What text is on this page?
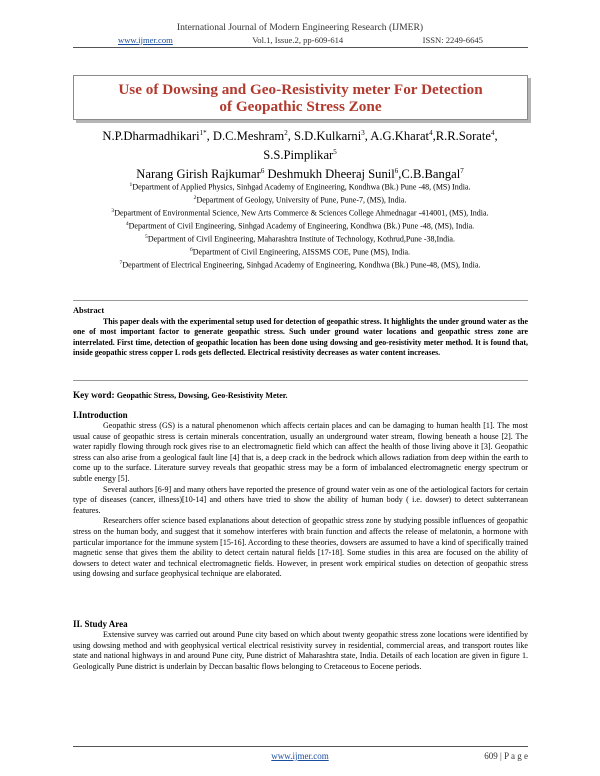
International Journal of Modern Engineering Research (IJMER)
www.ijmer.com	Vol.1, Issue.2, pp-609-614	ISSN: 2249-6645
Use of Dowsing and Geo-Resistivity meter For Detection of Geopathic Stress Zone
N.P.Dharmadhikari$^{1*}$, D.C.Meshram$^2$, S.D.Kulkarni$^3$, A.G.Kharat$^4$,R.R.Sorate$^4$,
S.S.Pimplikar$^5$
Narang Girish Rajkumar$^6$ Deshmukh Dheeraj Sunil$^6$,C.B.Bangal$^7$
$^1$Department of Applied Physics, Sinhgad Academy of Engineering, Kondhwa (Bk.) Pune -48, (MS) India.
$^2$Department of Geology, University of Pune, Pune-7, (MS), India.
$^3$Department of Environmental Science, New Arts Commerce & Sciences College Ahmednagar -414001, (MS), India.
$^4$Department of Civil Engineering, Sinhgad Academy of Engineering, Kondhwa (Bk.) Pune -48, (MS), India.
$^5$Department of Civil Engineering, Maharashtra Institute of Technology, Kothrud,Pune -38,India.
$^6$Department of Civil Engineering, AISSMS COE, Pune (MS), India.
$^7$Department of Electrical Engineering, Sinhgad Academy of Engineering, Kondhwa (Bk.) Pune-48, (MS), India.
Abstract

This paper deals with the experimental setup used for detection of geopathic stress. It highlights the under ground water as the one of most important factor to generate geopathic stress. Such under ground water locations and geopathic stress zone are interrelated. First time, detection of geopathic location has been done using dowsing and geo-resistivity meter method. It is found that, inside geopathic stress copper L rods gets deflected. Electrical resistivity decreases as water content increases.

Key word: Geopathic Stress, Dowsing, Geo-Resistivity Meter.
I.Introduction

Geopathic stress (GS) is a natural phenomenon which affects certain places and can be damaging to human health [1]. The most usual cause of geopathic stress is certain minerals concentration, usually an underground water stream, flowing beneath a house [2]. The water rapidly flowing through rock gives rise to an electromagnetic field which can affect the health of those living above it [3]. Geopathic stress can also arise from a geological fault line [4] that is, a deep crack in the bedrock which allows radiation from deep within the earth to come up to the surface. Literature survey reveals that geopathic stress may be a form of imbalanced electromagnetic energy spectrum or subtle energy [5].

Several authors [6-9] and many others have reported the presence of ground water vein as one of the aetiological factors for certain type of diseases (cancer, illness)[10-14] and others have tried to show the ability of human body ( i.e. dowser) to detect subterranean features.

Researchers offer science based explanations about detection of geopathic stress zone by studying possible influences of geopathic stress on the human body, and suggest that it somehow interferes with brain function and affects the release of melatonin, a hormone with particular importance for the immune system [15-16]. According to these theories, dowsers are assumed to have a kind of specifically trained magnetic sense that gives them the ability to detect certain natural fields [17-18]. Some studies in this area are focused on the ability of dowsers to detect water and technical electromagnetic fields. However, in present work empirical studies on detection of geopathic stress using dowsing and surface geophysical technique are elaborated.

II. Study Area

Extensive survey was carried out around Pune city based on which about twenty geopathic stress zone locations were identified by using dowsing method and with geophysical vertical electrical resistivity survey in residential, commercial areas, and transport routes like state and national highways in and around Pune city, Pune district of Maharashtra state, India. Details of each location are given in figure 1. Geologically Pune district is underlain by Deccan basaltic flows belonging to Cretaceous to Eocene periods.

www.ijmer.com	609 | P a g e
